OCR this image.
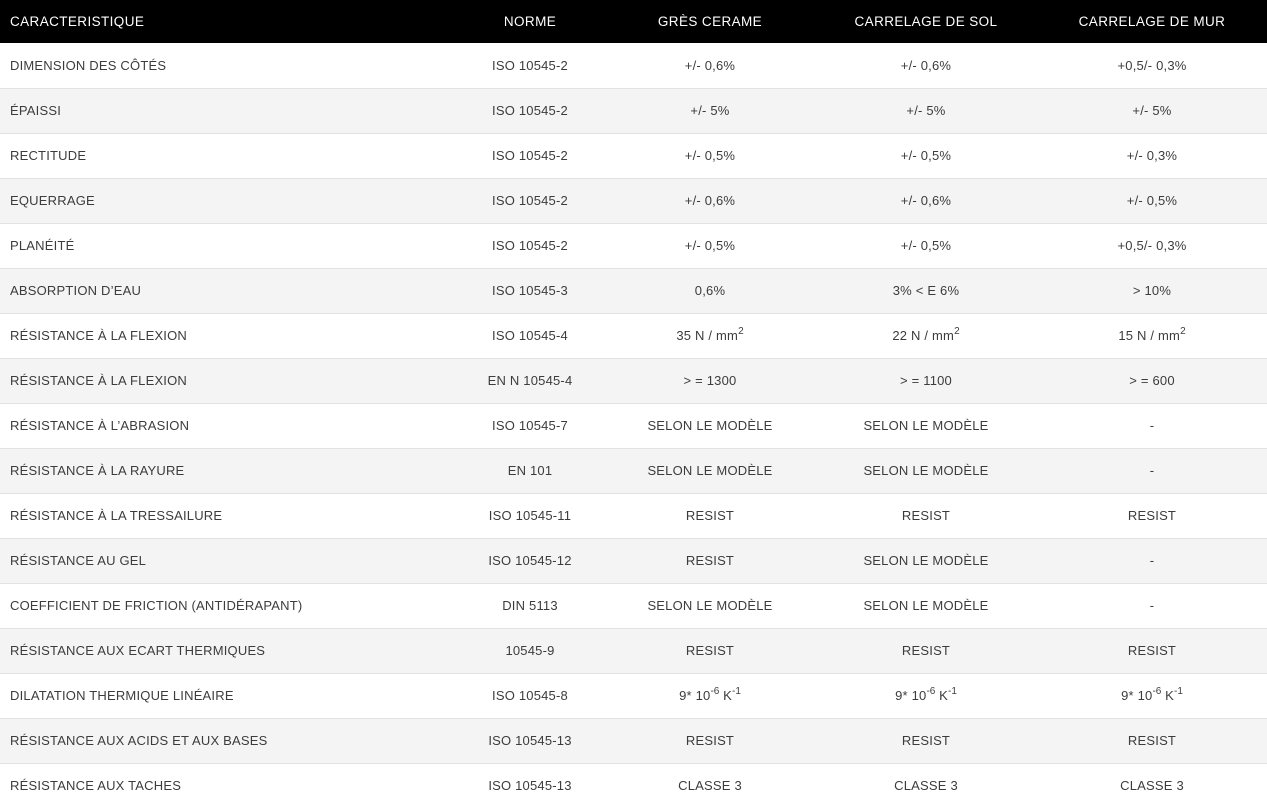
CARACTERISTIQUE	NORME	GRÈS CERAME	CARRELAGE DE SOL	CARRELAGE DE MUR
DIMENSION DES CÔTÉS	ISO 10545-2	+/- 0,6%	+/- 0,6%	+0,5/- 0,3%
ÉPAISSI	ISO 10545-2	+/- 5%	+/- 5%	+/- 5%
RECTITUDE	ISO 10545-2	+/- 0,5%	+/- 0,5%	+/- 0,3%
EQUERRAGE	ISO 10545-2	+/- 0,6%	+/- 0,6%	+/- 0,5%
PLANÉITÉ	ISO 10545-2	+/- 0,5%	+/- 0,5%	+0,5/- 0,3%
ABSORPTION D’EAU	ISO 10545-3	0,6%	3% < E 6%	> 10%
RÉSISTANCE À LA FLEXION	ISO 10545-4	35 N / $mm^2$	22 N / $mm^2$	15 N / $mm^2$
RÉSISTANCE À LA FLEXION	EN N 10545-4	> = 1300	> = 1100	> = 600
RÉSISTANCE À L’ABRASION	ISO 10545-7	SELON LE MODÈLE	SELON LE MODÈLE	-
RÉSISTANCE À LA RAYURE	EN 101	SELON LE MODÈLE	SELON LE MODÈLE	-
RÉSISTANCE À LA TRESSAILURE	ISO 10545-11	RESIST	RESIST	RESIST
RÉSISTANCE AU GEL	ISO 10545-12	RESIST	SELON LE MODÈLE	-
COEFFICIENT DE FRICTION (ANTIDÉRAPANT)	DIN 5113	SELON LE MODÈLE	SELON LE MODÈLE	-
RÉSISTANCE AUX ECART THERMIQUES	10545-9	RESIST	RESIST	RESIST
DILATATION THERMIQUE LINÉAIRE	ISO 10545-8	9* $10^{-6}$ $K^{-1}$	9* $10^{-6}$ $K^{-1}$	9* $10^{-6}$ $K^{-1}$
RÉSISTANCE AUX ACIDS ET AUX BASES	ISO 10545-13	RESIST	RESIST	RESIST
RÉSISTANCE AUX TACHES	ISO 10545-13	CLASSE 3	CLASSE 3	CLASSE 3
